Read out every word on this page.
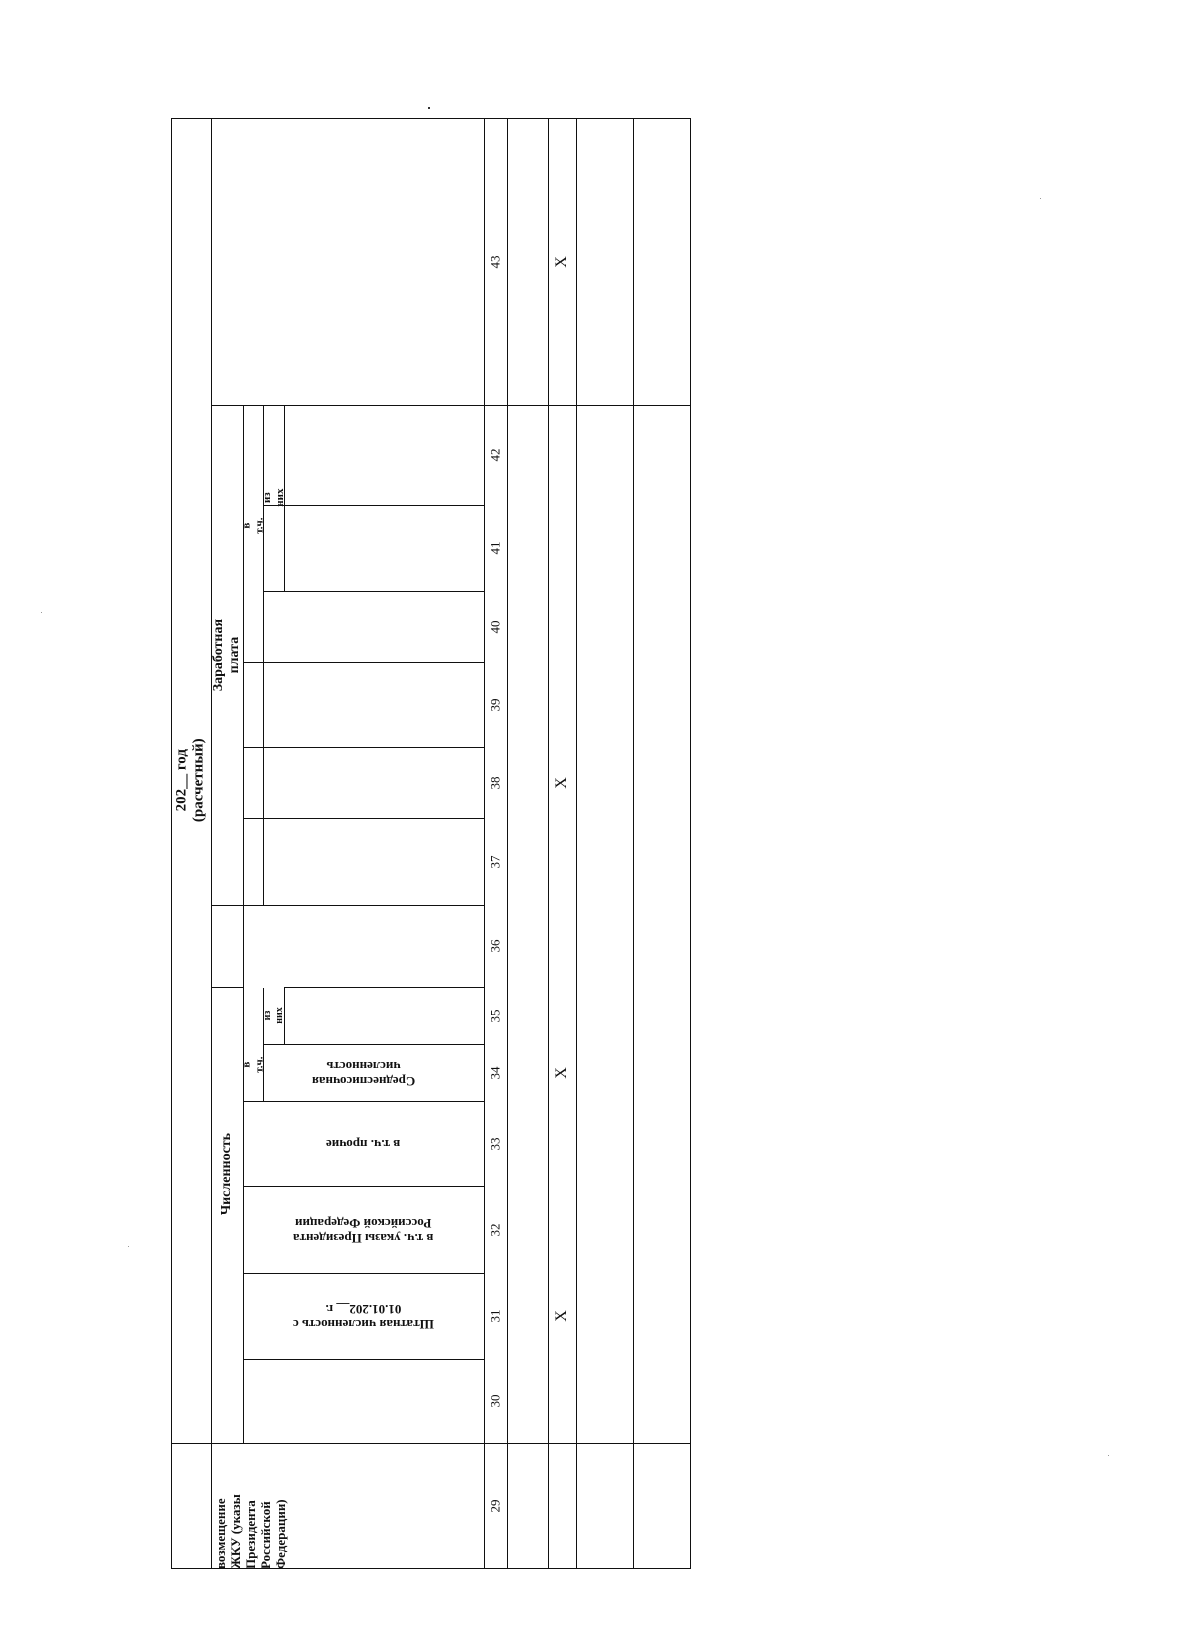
202__ год (расчетный)
возмещение
ЖКУ (указы
Президента
Российской
Федерации)
Численность
Заработная плата
в т.ч.
из
них
в т.ч.
из них
Штатная численность с
01.01.202__ г.
в т.ч. указы Президента
Российской Федерации
в т.ч. прочие
Среднесписочная
численность
29
30
31
32
33
34
35
36
37
38
39
40
41
42
43
Х
Х
Х
Х
